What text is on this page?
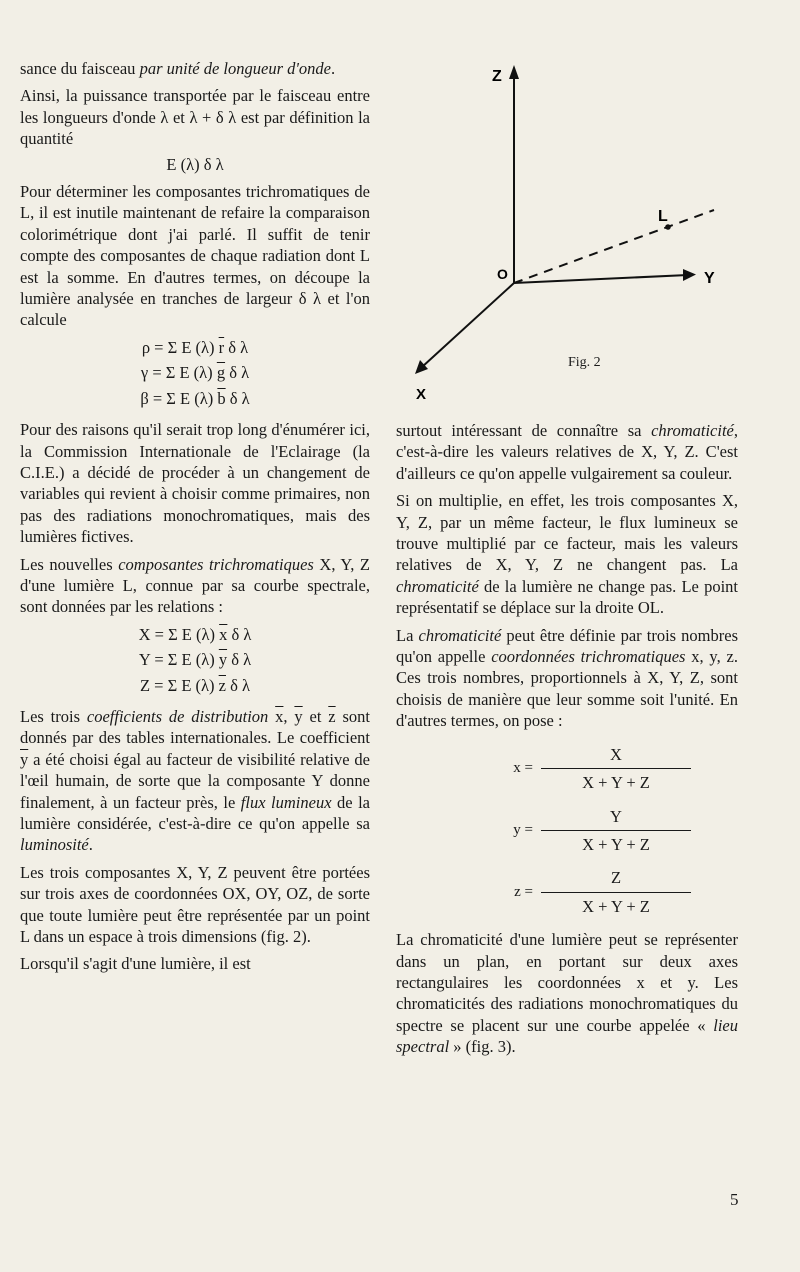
sance du faisceau par unité de longueur d'onde.

Ainsi, la puissance transportée par le faisceau entre les longueurs d'onde λ et λ + δ λ est par définition la quantité

E (λ) δ λ

Pour déterminer les composantes trichromatiques de L, il est inutile maintenant de refaire la comparaison colorimétrique dont j'ai parlé. Il suffit de tenir compte des composantes de chaque radiation dont L est la somme. En d'autres termes, on découpe la lumière analysée en tranches de largeur δ λ et l'on calcule

ρ = Σ E (λ) $\overline{r}$ δ λ

γ = Σ E (λ) $\overline{g}$ δ λ

β = Σ E (λ) $\overline{b}$ δ λ

Pour des raisons qu'il serait trop long d'énumérer ici, la Commission Internationale de l'Eclairage (la C.I.E.) a décidé de procéder à un changement de variables qui revient à choisir comme primaires, non pas des radiations monochromatiques, mais des lumières fictives.

Les nouvelles composantes trichromatiques X, Y, Z d'une lumière L, connue par sa courbe spectrale, sont données par les relations :

X = Σ E (λ) $\overline{x}$ δ λ

Y = Σ E (λ) $\overline{y}$ δ λ

Z = Σ E (λ) $\overline{z}$ δ λ

Les trois coefficients de distribution $\overline{x}$, $\overline{y}$ et $\overline{z}$ sont donnés par des tables internationales. Le coefficient $\overline{y}$ a été choisi égal au facteur de visibilité relative de l'œil humain, de sorte que la composante Y donne finalement, à un facteur près, le flux lumineux de la lumière considérée, c'est-à-dire ce qu'on appelle sa luminosité.

Les trois composantes X, Y, Z peuvent être portées sur trois axes de coordonnées OX, OY, OZ, de sorte que toute lumière peut être représentée par un point L dans un espace à trois dimensions (fig. 2).

Lorsqu'il s'agit d'une lumière, il est

Z
Y
X
O
L
Fig. 2

surtout intéressant de connaître sa chromaticité, c'est-à-dire les valeurs relatives de X, Y, Z. C'est d'ailleurs ce qu'on appelle vulgairement sa couleur.

Si on multiplie, en effet, les trois composantes X, Y, Z, par un même facteur, le flux lumineux se trouve multiplié par ce facteur, mais les valeurs relatives de X, Y, Z ne changent pas. La chromaticité de la lumière ne change pas. Le point représentatif se déplace sur la droite OL.

La chromaticité peut être définie par trois nombres qu'on appelle coordonnées trichromatiques x, y, z. Ces trois nombres, proportionnels à X, Y, Z, sont choisis de manière que leur somme soit l'unité. En d'autres termes, on pose :

$x = \frac{X}{X + Y + Z}$
$y = \frac{Y}{X + Y + Z}$
$z = \frac{Z}{X + Y + Z}$

La chromaticité d'une lumière peut se représenter dans un plan, en portant sur deux axes rectangulaires les coordonnées x et y. Les chromaticités des radiations monochromatiques du spectre se placent sur une courbe appelée « lieu spectral » (fig. 3).

5
